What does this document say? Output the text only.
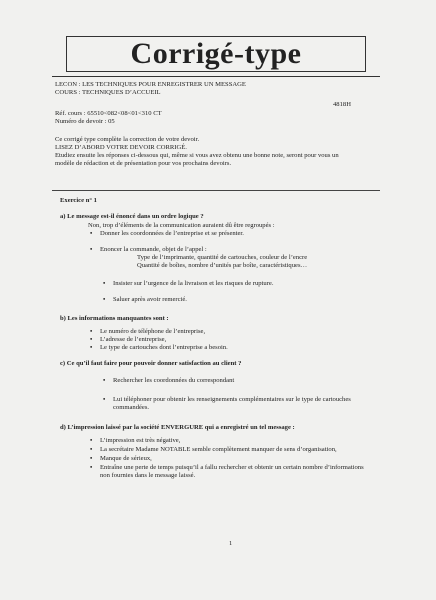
Corrigé-type
LECON : LES TECHNIQUES POUR ENREGISTRER UN MESSAGE
COURS : TECHNIQUES D’ACCUEIL
4818H
Réf. cours : 65510<082<08<01<310 CT
Numéro de devoir : 05
Ce corrigé type complète la correction de votre devoir.
LISEZ D’ABORD VOTRE DEVOIR CORRIGÉ.
Etudiez ensuite les réponses ci-dessous qui, même si vous avez obtenu une bonne note, seront pour vous un
modèle de rédaction et de présentation pour vos prochains devoirs.
Exercice n° 1
a) Le message est-il énoncé dans un ordre logique ?
Non, trop d’éléments de la communication auraient dû être regroupés :
• Donner les coordonnées de l’entreprise et se présenter.
• Enoncer la commande, objet de l’appel :
Type de l’imprimante, quantité de cartouches, couleur de l’encre
Quantité de boîtes, nombre d’unités par boîte, caractéristiques…
• Insister sur l’urgence de la livraison et les risques de rupture.
• Saluer après avoir remercié.
b) Les informations manquantes sont :
• Le numéro de téléphone de l’entreprise,
• L’adresse de l’entreprise,
• Le type de cartouches dont l’entreprise a besoin.
c) Ce qu’il faut faire pour pouvoir donner satisfaction au client ?
• Rechercher les coordonnées du correspondant
• Lui téléphoner pour obtenir les renseignements complémentaires sur le type de cartouches
commandées.
d) L’impression laissé par la société ENVERGURE qui a enregistré un tel message :
• L’impression est très négative,
• La secrétaire Madame NOTABLE semble complètement manquer de sens d’organisation,
• Manque de sérieux,
• Entraîne une perte de temps puisqu’il a fallu rechercher et obtenir un certain nombre d’informations
non fournies dans le message laissé.
1
